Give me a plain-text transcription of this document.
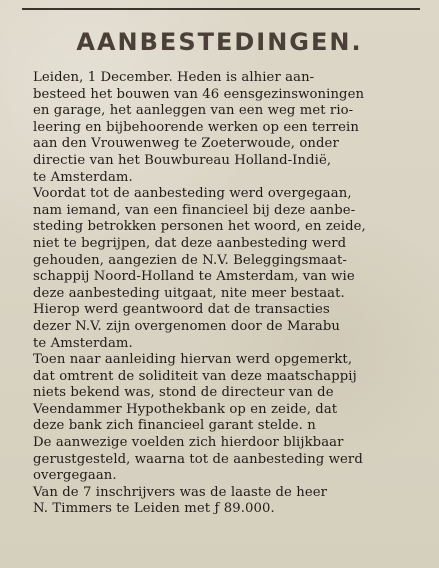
AANBESTEDINGEN.
Leiden, 1 December. Heden is alhier aan-
besteed het bouwen van 46 eensgezinswoningen
en garage, het aanleggen van een weg met rio-
leering en bijbehoorende werken op een terrein
aan den Vrouwenweg te Zoeterwoude, onder
directie van het Bouwbureau Holland-Indië,
te Amsterdam.
Voordat tot de aanbesteding werd overgegaan,
nam iemand, van een financieel bij deze aanbe-
steding betrokken personen het woord, en zeide,
niet te begrijpen, dat deze aanbesteding werd
gehouden, aangezien de N.V. Beleggingsmaat-
schappij Noord-Holland te Amsterdam, van wie
deze aanbesteding uitgaat, nite meer bestaat.
Hierop werd geantwoord dat de transacties
dezer N.V. zijn overgenomen door de Marabu
te Amsterdam.
Toen naar aanleiding hiervan werd opgemerkt,
dat omtrent de soliditeit van deze maatschappij
niets bekend was, stond de directeur van de
Veendammer Hypothekbank op en zeide, dat
deze bank zich financieel garant stelde. n
De aanwezige voelden zich hierdoor blijkbaar
gerustgesteld, waarna tot de aanbesteding werd
overgegaan.
Van de 7 inschrijvers was de laaste de heer
N. Timmers te Leiden met ƒ 89.000.
